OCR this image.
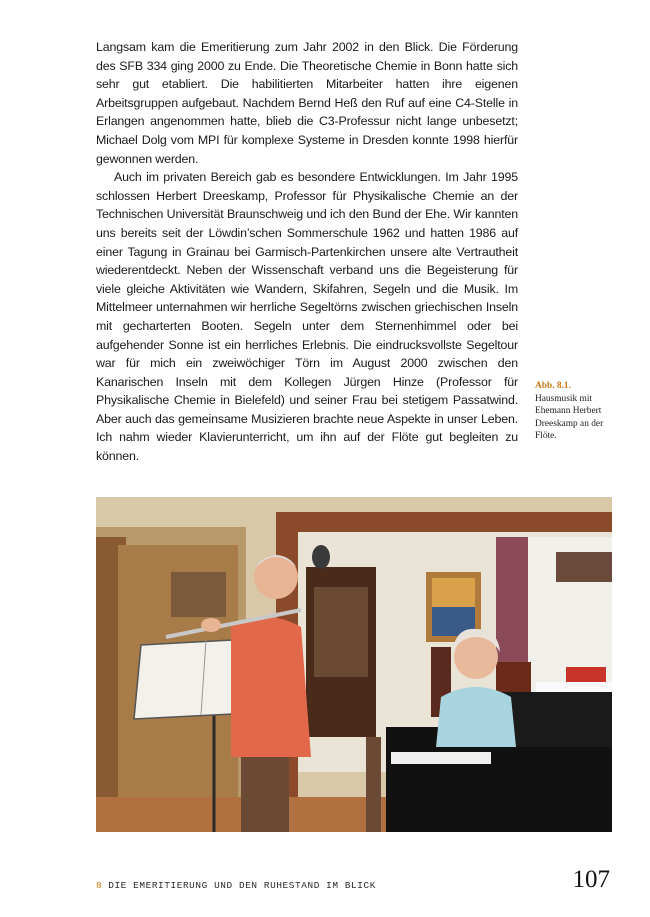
Langsam kam die Emeritierung zum Jahr 2002 in den Blick. Die Förderung des SFB 334 ging 2000 zu Ende. Die Theoretische Chemie in Bonn hatte sich sehr gut etabliert. Die habilitierten Mitarbeiter hatten ihre eigenen Arbeitsgruppen aufgebaut. Nachdem Bernd Heß den Ruf auf eine C4-Stelle in Erlangen angenommen hatte, blieb die C3-Professur nicht lange unbesetzt; Michael Dolg vom MPI für komplexe Systeme in Dresden konnte 1998 hierfür gewonnen werden.

Auch im privaten Bereich gab es besondere Entwicklungen. Im Jahr 1995 schlossen Herbert Dreeskamp, Professor für Physikalische Chemie an der Technischen Universität Braunschweig und ich den Bund der Ehe. Wir kannten uns bereits seit der Löwdin’schen Sommerschule 1962 und hatten 1986 auf einer Tagung in Grainau bei Garmisch-Partenkirchen unsere alte Vertrautheit wiederentdeckt. Neben der Wissenschaft verband uns die Begeisterung für viele gleiche Aktivitäten wie Wandern, Skifahren, Segeln und die Musik. Im Mittelmeer unternahmen wir herrliche Segeltörns zwischen griechischen Inseln mit gecharterten Booten. Segeln unter dem Sternenhimmel oder bei aufgehender Sonne ist ein herrliches Erlebnis. Die eindrucksvollste Segeltour war für mich ein zweiwöchiger Törn im August 2000 zwischen den Kanarischen Inseln mit dem Kollegen Jürgen Hinze (Professor für Physikalische Chemie in Bielefeld) und seiner Frau bei stetigem Passatwind. Aber auch das gemeinsame Musizieren brachte neue Aspekte in unser Leben. Ich nahm wieder Klavierunterricht, um ihn auf der Flöte gut begleiten zu können.

Abb. 8.1.
Hausmusik mit Ehemann Herbert Dreeskamp an der Flöte.
8 DIE EMERITIERUNG UND DEN RUHESTAND IM BLICK	107
